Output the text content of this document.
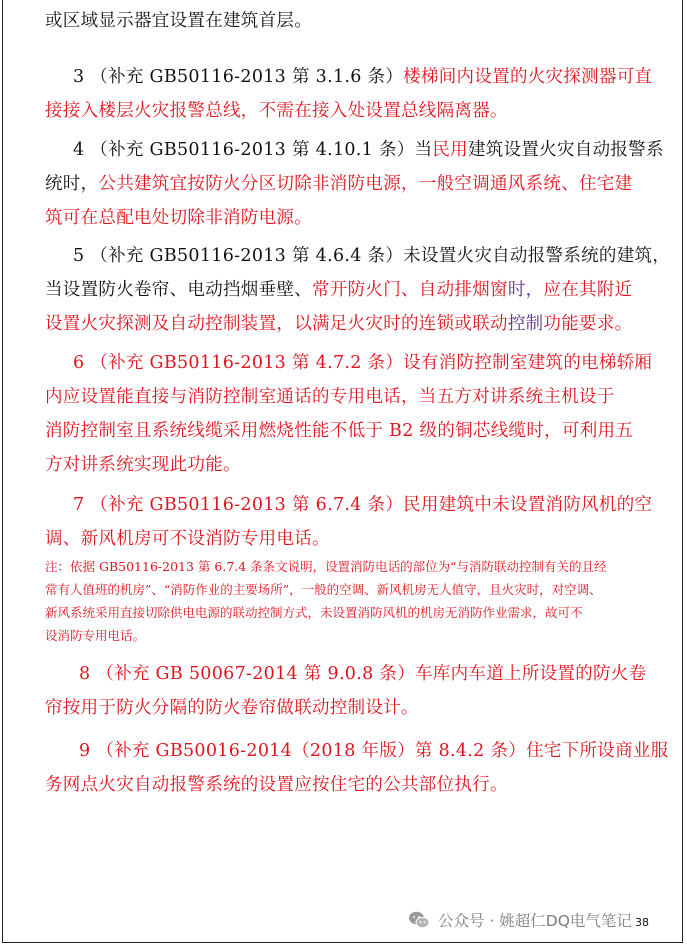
或区域显示器宜设置在建筑首层。

3 （补充 GB50116-2013 第 3.1.6 条）楼梯间内设置的火灾探测器可直
接接入楼层火灾报警总线，不需在接入处设置总线隔离器。
4 （补充 GB50116-2013 第 4.10.1 条）当民用建筑设置火灾自动报警系
统时，公共建筑宜按防火分区切除非消防电源，一般空调通风系统、住宅建
筑可在总配电处切除非消防电源。
5 （补充 GB50116-2013 第 4.6.4 条）未设置火灾自动报警系统的建筑，
当设置防火卷帘、电动挡烟垂壁、常开防火门、自动排烟窗时，应在其附近
设置火灾探测及自动控制装置，以满足火灾时的连锁或联动控制功能要求。
6 （补充 GB50116-2013 第 4.7.2 条）设有消防控制室建筑的电梯轿厢
内应设置能直接与消防控制室通话的专用电话，当五方对讲系统主机设于
消防控制室且系统线缆采用燃烧性能不低于 B2 级的铜芯线缆时，可利用五
方对讲系统实现此功能。
7 （补充 GB50116-2013 第 6.7.4 条）民用建筑中未设置消防风机的空
调、新风机房可不设消防专用电话。
注：依据 GB50116-2013 第 6.7.4 条条文说明，设置消防电话的部位为“与消防联动控制有关的且经
常有人值班的机房”、“消防作业的主要场所”，一般的空调、新风机房无人值守，且火灾时，对空调、
新风系统采用直接切除供电电源的联动控制方式，未设置消防风机的机房无消防作业需求，故可不
设消防专用电话。
8 （补充 GB 50067-2014 第 9.0.8 条）车库内车道上所设置的防火卷
帘按用于防火分隔的防火卷帘做联动控制设计。
9 （补充 GB50016-2014（2018 年版）第 8.4.2 条）住宅下所设商业服
务网点火灾自动报警系统的设置应按住宅的公共部位执行。
公众号 · 姚超仁DQ电气笔记 38
